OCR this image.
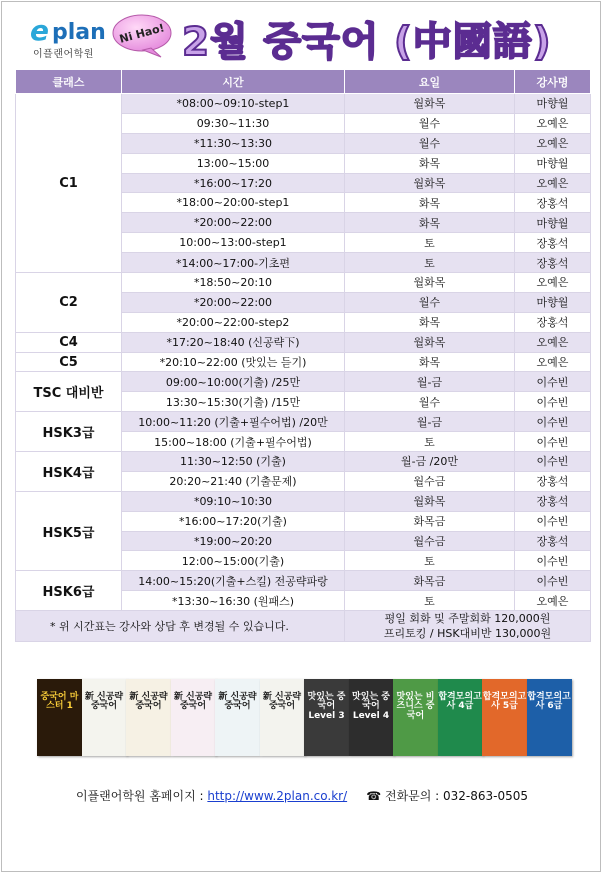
e plan
이플랜어학원
Ni Hao! 2월 중국어 (中國語)
클래스	시간	요일	강사명
C1	*08:00~09:10-step1	월화목	마향월
	09:30~11:30	월수	오예은
	*11:30~13:30	월수	오예은
	13:00~15:00	화목	마향월
	*16:00~17:20	월화목	오예은
	*18:00~20:00-step1	화목	장홍석
	*20:00~22:00	화목	마향월
	10:00~13:00-step1	토	장홍석
	*14:00~17:00-기초편	토	장홍석
C2	*18:50~20:10	월화목	오예은
	*20:00~22:00	월수	마향월
	*20:00~22:00-step2	화목	장홍석
C4	*17:20~18:40 (신공략下)	월화목	오예은
C5	*20:10~22:00 (맛있는 듣기)	화목	오예은
TSC 대비반	09:00~10:00(기출) /25만	월-금	이수빈
	13:30~15:30(기출) /15만	월수	이수빈
HSK3급	10:00~11:20 (기출+필수어법) /20만	월-금	이수빈
	15:00~18:00 (기출+필수어법)	토	이수빈
HSK4급	11:30~12:50 (기출)	월-금 /20만	이수빈
	20:20~21:40 (기출문제)	월수금	장홍석
HSK5급	*09:10~10:30	월화목	장홍석
	*16:00~17:20(기출)	화목금	이수빈
	*19:00~20:20	월수금	장홍석
	12:00~15:00(기출)	토	이수빈
HSK6급	14:00~15:20(기출+스킬) 전공략파랑	화목금	이수빈
	*13:30~16:30 (원패스)	토	오예은
* 위 시간표는 강사와 상담 후 변경될 수 있습니다.		평일 회화 및 주말회화 120,000원
프리토킹 / HSK대비반 130,000원	
중국어 마스터 1
新 신공략 중국어
新 신공략 중국어
新 신공략 중국어
新 신공략 중국어
新 신공략 중국어
맛있는 중국어 Level 3
맛있는 중국어 Level 4
맛있는 비즈니스 중국어
합격모의고사 4급
합격모의고사 5급
합격모의고사 6급
이플랜어학원 홈페이지 : http://www.2plan.co.kr/ ☎ 전화문의 : 032-863-0505
